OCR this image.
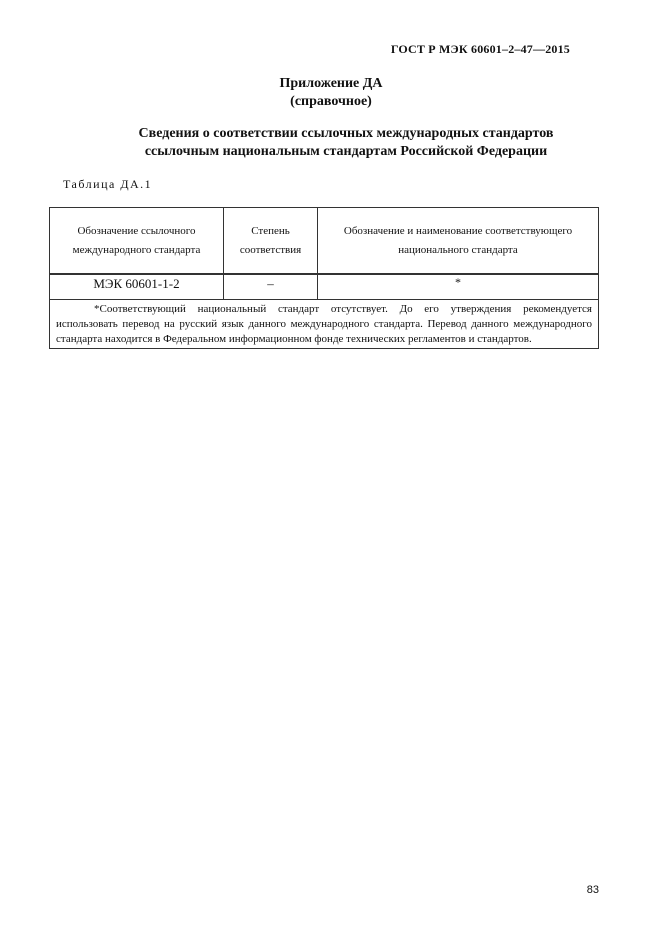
ГОСТ Р МЭК 60601–2–47—2015
Приложение ДА
(справочное)
Сведения о соответствии ссылочных международных стандартов
ссылочным национальным стандартам Российской Федерации
Таблица ДА.1
Обозначение ссылочного международного стандарта	Степень соответствия	Обозначение и наименование соответствующего национального стандарта

МЭК 60601-1-2	–	*
*Соответствующий национальный стандарт отсутствует. До его утверждения рекомендуется использовать перевод на русский язык данного международного стандарта. Перевод данного международного стандарта находится в Федеральном информационном фонде технических регламентов и стандартов.		
83
